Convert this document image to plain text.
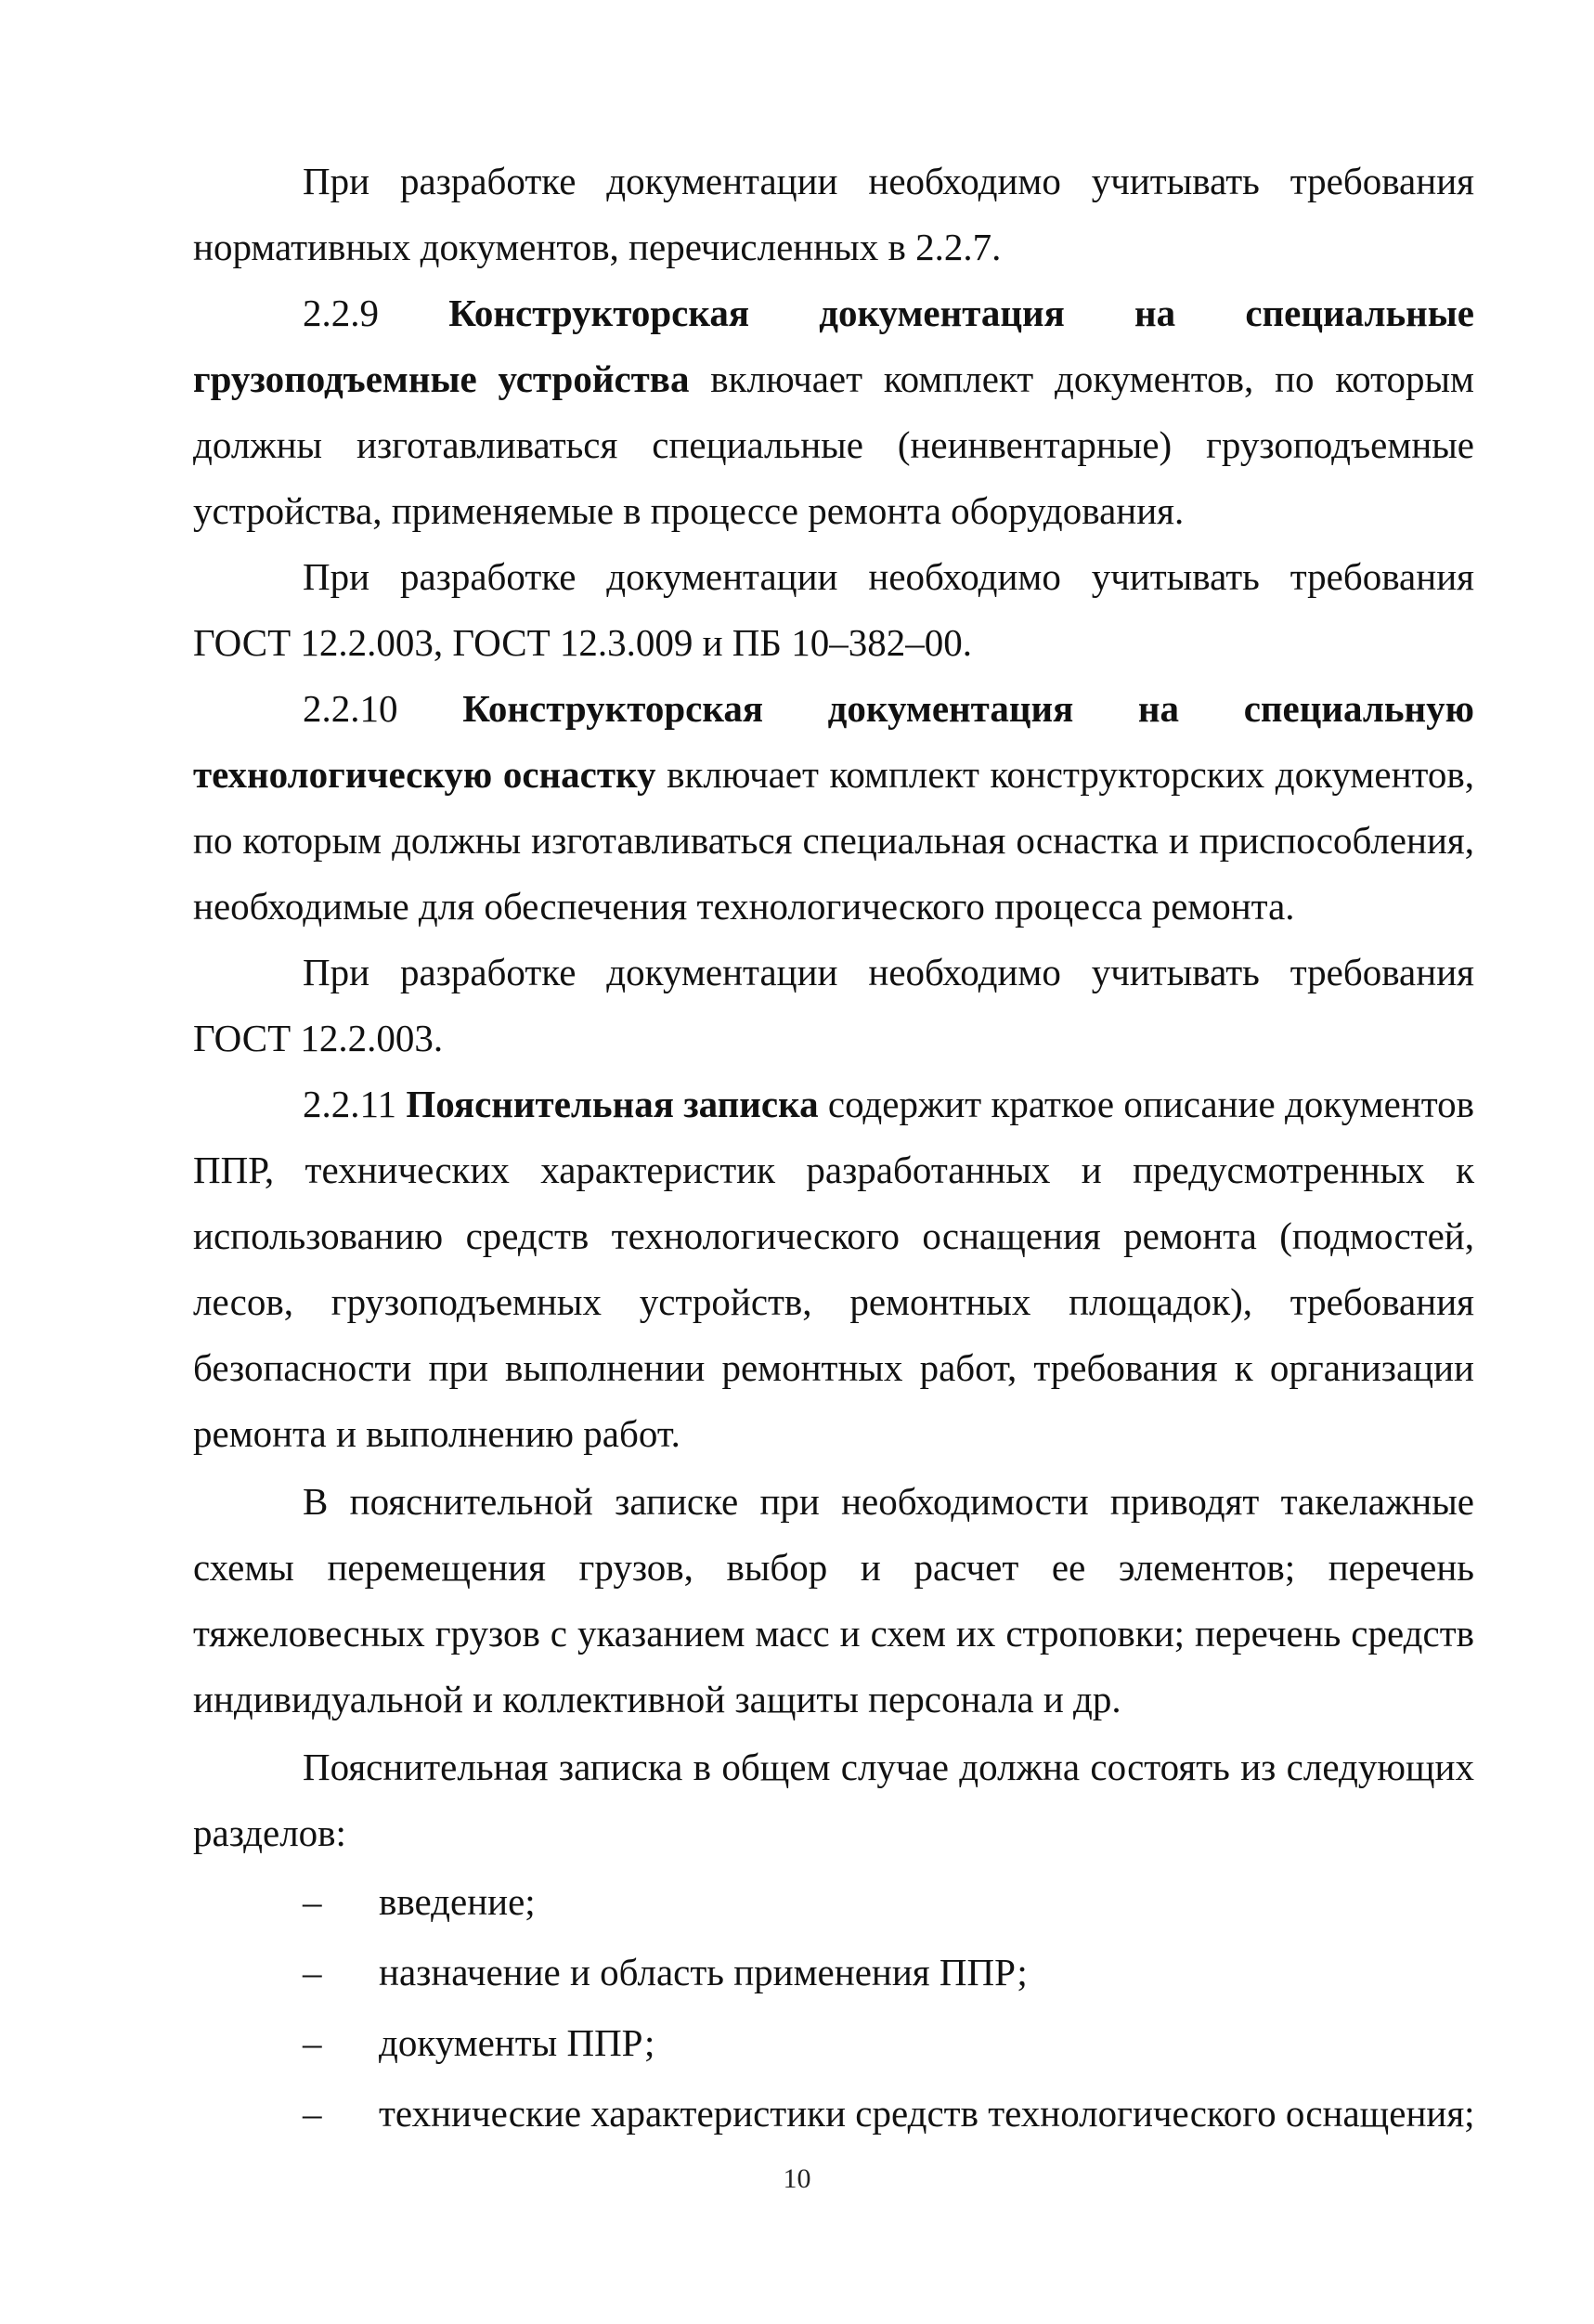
При разработке документации необходимо учитывать требования нормативных документов, перечисленных в 2.2.7.

2.2.9 Конструкторская документация на специальные грузоподъемные устройства включает комплект документов, по которым должны изготавливаться специальные (неинвентарные) грузоподъемные устройства, применяемые в процессе ремонта оборудования.

При разработке документации необходимо учитывать требования ГОСТ 12.2.003, ГОСТ 12.3.009 и ПБ 10–382–00.

2.2.10 Конструкторская документация на специальную технологическую оснастку включает комплект конструкторских документов, по которым должны изготавливаться специальная оснастка и приспособления, необходимые для обеспечения технологического процесса ремонта.

При разработке документации необходимо учитывать требования ГОСТ 12.2.003.

2.2.11 Пояснительная записка содержит краткое описание документов ППР, технических характеристик разработанных и предусмотренных к использованию средств технологического оснащения ремонта (подмостей, лесов, грузоподъемных устройств, ремонтных площадок), требования безопасности при выполнении ремонтных работ, требования к организации ремонта и выполнению работ.

В пояснительной записке при необходимости приводят такелажные схемы перемещения грузов, выбор и расчет ее элементов; перечень тяжеловесных грузов с указанием масс и схем их строповки; перечень средств индивидуальной и коллективной защиты персонала и др.

Пояснительная записка в общем случае должна состоять из следующих разделов:

– введение;
– назначение и область применения ППР;
– документы ППР;
– технические характеристики средств технологического оснащения;
10
